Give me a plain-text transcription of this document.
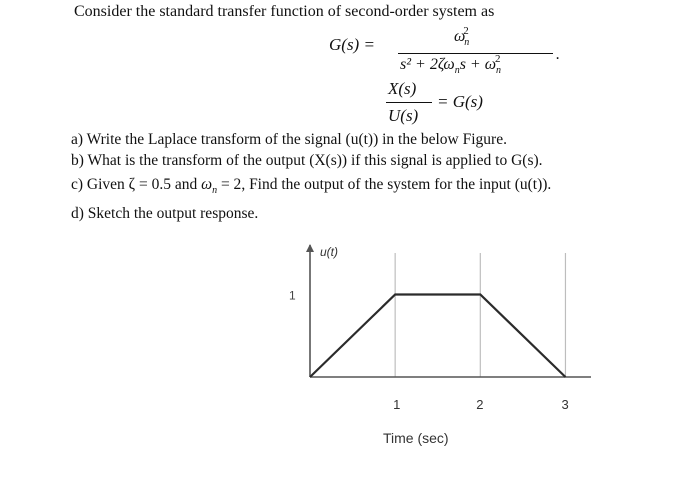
Consider the standard transfer function of second-order system as
G(s) =	$\omega_n^2$
$s^2 + 2\zeta\omega_ns + \omega_n^2$	.
X(s)
U(s)
= G(s)
a) Write the Laplace transform of the signal (u(t)) in the below Figure.
b) What is the transform of the output (X(s)) if this signal is applied to G(s).
c) Given ζ = 0.5 and $\omega_n = 2$, Find the output of the system for the input (u(t)).
d) Sketch the output response.
u(t)
1
1	2	3
Time (sec)
